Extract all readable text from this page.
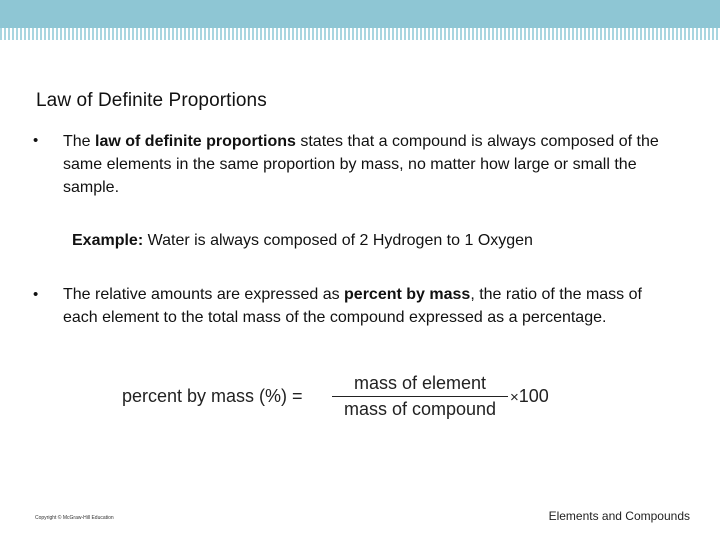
Law of Definite Proportions
• The law of definite proportions states that a compound is always composed of the same elements in the same proportion by mass, no matter how large or small the sample.

Example: Water is always composed of 2 Hydrogen to 1 Oxygen

• The relative amounts are expressed as percent by mass, the ratio of the mass of each element to the total mass of the compound expressed as a percentage.

percent by mass (%) =
mass of element
mass of compound
×100
Copyright © McGraw-Hill Education	Elements and Compounds
